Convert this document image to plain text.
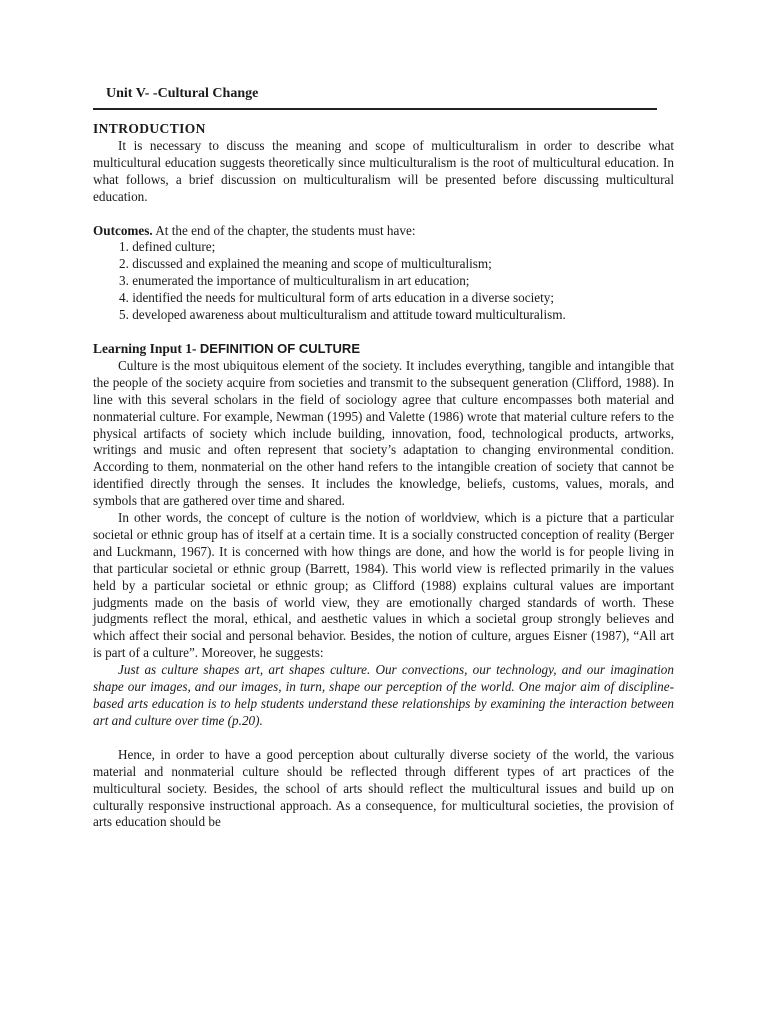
Unit V- -Cultural Change
INTRODUCTION

It is necessary to discuss the meaning and scope of multiculturalism in order to describe what multicultural education suggests theoretically since multiculturalism is the root of multicultural education. In what follows, a brief discussion on multiculturalism will be presented before discussing multicultural education.

Outcomes. At the end of the chapter, the students must have:

1. defined culture;
2. discussed and explained the meaning and scope of multiculturalism;
3. enumerated the importance of multiculturalism in art education;
4. identified the needs for multicultural form of arts education in a diverse society;
5. developed awareness about multiculturalism and attitude toward multiculturalism.
Learning Input 1- DEFINITION OF CULTURE

Culture is the most ubiquitous element of the society. It includes everything, tangible and intangible that the people of the society acquire from societies and transmit to the subsequent generation (Clifford, 1988). In line with this several scholars in the field of sociology agree that culture encompasses both material and nonmaterial culture. For example, Newman (1995) and Valette (1986) wrote that material culture refers to the physical artifacts of society which include building, innovation, food, technological products, artworks, writings and music and often represent that society’s adaptation to changing environmental condition. According to them, nonmaterial on the other hand refers to the intangible creation of society that cannot be identified directly through the senses. It includes the knowledge, beliefs, customs, values, morals, and symbols that are gathered over time and shared.

In other words, the concept of culture is the notion of worldview, which is a picture that a particular societal or ethnic group has of itself at a certain time. It is a socially constructed conception of reality (Berger and Luckmann, 1967). It is concerned with how things are done, and how the world is for people living in that particular societal or ethnic group (Barrett, 1984). This world view is reflected primarily in the values held by a particular societal or ethnic group; as Clifford (1988) explains cultural values are important judgments made on the basis of world view, they are emotionally charged standards of worth. These judgments reflect the moral, ethical, and aesthetic values in which a societal group strongly believes and which affect their social and personal behavior. Besides, the notion of culture, argues Eisner (1987), “All art is part of a culture”. Moreover, he suggests:

Just as culture shapes art, art shapes culture. Our convections, our technology, and our imagination shape our images, and our images, in turn, shape our perception of the world. One major aim of discipline-based arts education is to help students understand these relationships by examining the interaction between art and culture over time (p.20).

Hence, in order to have a good perception about culturally diverse society of the world, the various material and nonmaterial culture should be reflected through different types of art practices of the multicultural society. Besides, the school of arts should reflect the multicultural issues and build up on culturally responsive instructional approach. As a consequence, for multicultural societies, the provision of arts education should be
